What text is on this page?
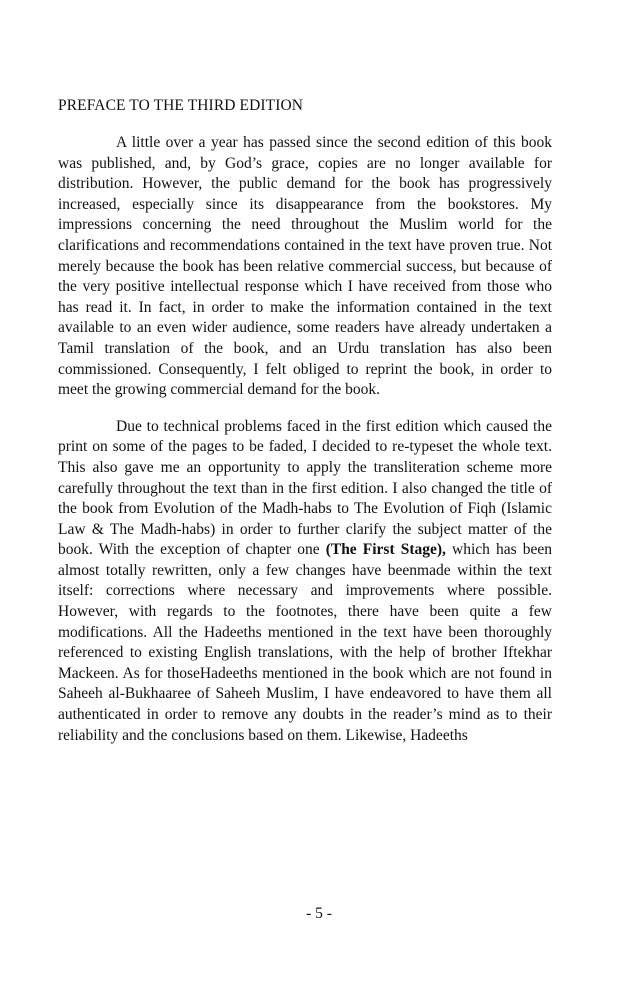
PREFACE TO THE THIRD EDITION

A little over a year has passed since the second edition of this book was published, and, by God’s grace, copies are no longer available for distribution. However, the public demand for the book has progressively increased, especially since its disappearance from the bookstores. My impressions concerning the need throughout the Muslim world for the clarifications and recommendations contained in the text have proven true. Not merely because the book has been relative commercial success, but because of the very positive intellectual response which I have received from those who has read it. In fact, in order to make the information contained in the text available to an even wider audience, some readers have already undertaken a Tamil translation of the book, and an Urdu translation has also been commissioned. Consequently, I felt obliged to reprint the book, in order to meet the growing commercial demand for the book.

Due to technical problems faced in the first edition which caused the print on some of the pages to be faded, I decided to re-typeset the whole text. This also gave me an opportunity to apply the transliteration scheme more carefully throughout the text than in the first edition. I also changed the title of the book from Evolution of the Madh-habs to The Evolution of Fiqh (Islamic Law & The Madh-habs) in order to further clarify the subject matter of the book. With the exception of chapter one (The First Stage), which has been almost totally rewritten, only a few changes have beenmade within the text itself: corrections where necessary and improvements where possible. However, with regards to the footnotes, there have been quite a few modifications. All the Hadeeths mentioned in the text have been thoroughly referenced to existing English translations, with the help of brother Iftekhar Mackeen. As for thoseHadeeths mentioned in the book which are not found in Saheeh al-Bukhaaree of Saheeh Muslim, I have endeavored to have them all authenticated in order to remove any doubts in the reader’s mind as to their reliability and the conclusions based on them. Likewise, Hadeeths

- 5 -
